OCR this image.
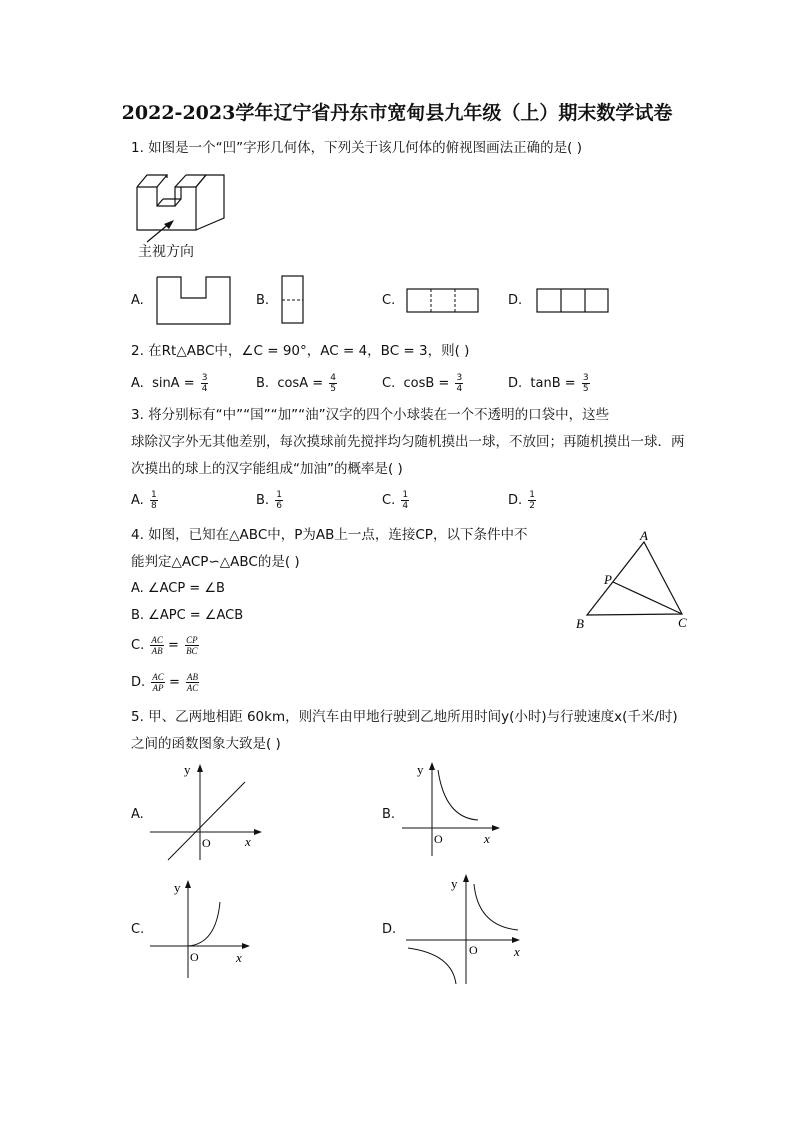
2022-2023学年辽宁省丹东市宽甸县九年级（上）期末数学试卷
1. 如图是一个“凹”字形几何体，下列关于该几何体的俯视图画法正确的是( )
主视方向
A.	B.	C.	D.
2. 在Rt△ABC中，∠C = 90°，AC = 4，BC = 3，则( )
A. $\sin A = \frac{3}{4}$	B. $\cos A = \frac{4}{5}$	C. $\cos B = \frac{3}{4}$	D. $\tan B = \frac{3}{5}$
3. 将分别标有“中”“国”“加”“油”汉字的四个小球装在一个不透明的口袋中，这些
球除汉字外无其他差别，每次摸球前先搅拌均匀随机摸出一球，不放回；再随机摸出一球．两
次摸出的球上的汉字能组成“加油”的概率是( )
A. $\frac{1}{8}$	B. $\frac{1}{6}$	C. $\frac{1}{4}$	D. $\frac{1}{2}$
4. 如图，已知在△ABC中，P为AB上一点，连接CP，以下条件中不
能判定△ACP∽△ABC的是( )
A. ∠ACP = ∠B
B. ∠APC = ∠ACB
C. $\frac{AC}{AB} = \frac{CP}{BC}$
D. $\frac{AC}{AP} = \frac{AB}{AC}$
A
P
B	C
5. 甲、乙两地相距 60km，则汽车由甲地行驶到乙地所用时间y(小时)与行驶速度x(千米/时)
之间的函数图象大致是( )
A.
y
x
O
B.
y
x
O
C.
y
x
O
D.
y
x
O
